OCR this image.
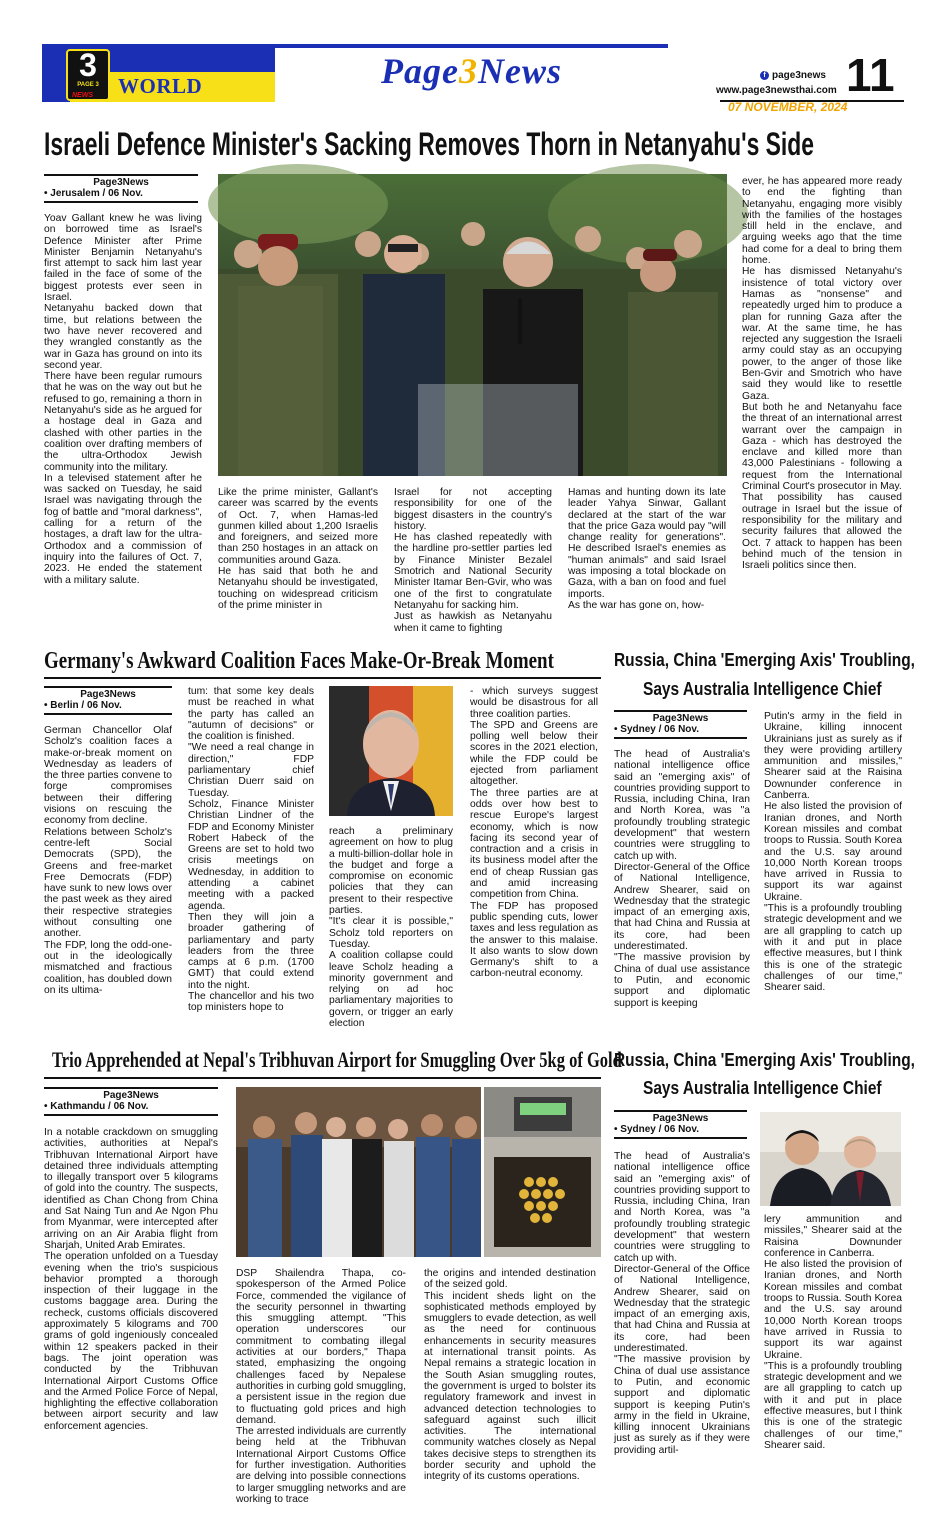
3
PAGE 3
NEWS WORLD	Page3News	f page3news
www.page3newsthai.com 11
07 NOVEMBER, 2024
Israeli Defence Minister's Sacking Removes Thorn in Netanyahu's Side
Page3News
• Jerusalem / 06 Nov.

Yoav Gallant knew he was living on borrowed time as Israel's Defence Minister after Prime Minister Benjamin Netanyahu's first attempt to sack him last year failed in the face of some of the biggest protests ever seen in Israel.

Netanyahu backed down that time, but relations between the two have never recovered and they wrangled constantly as the war in Gaza has ground on into its second year.

There have been regular rumours that he was on the way out but he refused to go, remaining a thorn in Netanyahu's side as he argued for a hostage deal in Gaza and clashed with other parties in the coalition over drafting members of the ultra-Orthodox Jewish community into the military.

In a televised statement after he was sacked on Tuesday, he said Israel was navigating through the fog of battle and "moral darkness", calling for a return of the hostages, a draft law for the ultra-Orthodox and a commission of inquiry into the failures of Oct. 7, 2023. He ended the statement with a military salute.

Like the prime minister, Gallant's career was scarred by the events of Oct. 7, when Hamas-led gunmen killed about 1,200 Israelis and foreigners, and seized more than 250 hostages in an attack on communities around Gaza.

He has said that both he and Netanyahu should be investigated, touching on widespread criticism of the prime minister in

Israel for not accepting responsibility for one of the biggest disasters in the country's history.

He has clashed repeatedly with the hardline pro-settler parties led by Finance Minister Bezalel Smotrich and National Security Minister Itamar Ben-Gvir, who was one of the first to congratulate Netanyahu for sacking him.

Just as hawkish as Netanyahu when it came to fighting

Hamas and hunting down its late leader Yahya Sinwar, Gallant declared at the start of the war that the price Gaza would pay "will change reality for generations". He described Israel's enemies as "human animals" and said Israel was imposing a total blockade on Gaza, with a ban on food and fuel imports.

As the war has gone on, how-

ever, he has appeared more ready to end the fighting than Netanyahu, engaging more visibly with the families of the hostages still held in the enclave, and arguing weeks ago that the time had come for a deal to bring them home.

He has dismissed Netanyahu's insistence of total victory over Hamas as "nonsense" and repeatedly urged him to produce a plan for running Gaza after the war. At the same time, he has rejected any suggestion the Israeli army could stay as an occupying power, to the anger of those like Ben-Gvir and Smotrich who have said they would like to resettle Gaza.

But both he and Netanyahu face the threat of an international arrest warrant over the campaign in Gaza - which has destroyed the enclave and killed more than 43,000 Palestinians - following a request from the International Criminal Court's prosecutor in May.

That possibility has caused outrage in Israel but the issue of responsibility for the military and security failures that allowed the Oct. 7 attack to happen has been behind much of the tension in Israeli politics since then.

Germany's Awkward Coalition Faces Make-Or-Break Moment
Page3News
• Berlin / 06 Nov.

German Chancellor Olaf Scholz's coalition faces a make-or-break moment on Wednesday as leaders of the three parties convene to forge compromises between their differing visions on rescuing the economy from decline.

Relations between Scholz's centre-left Social Democrats (SPD), the Greens and free-market Free Democrats (FDP) have sunk to new lows over the past week as they aired their respective strategies without consulting one another.

The FDP, long the odd-one-out in the ideologically mismatched and fractious coalition, has doubled down on its ultima-

tum: that some key deals must be reached in what the party has called an "autumn of decisions" or the coalition is finished.

"We need a real change in direction," FDP parliamentary chief Christian Duerr said on Tuesday.

Scholz, Finance Minister Christian Lindner of the FDP and Economy Minister Robert Habeck of the Greens are set to hold two crisis meetings on Wednesday, in addition to attending a cabinet meeting with a packed agenda.

Then they will join a broader gathering of parliamentary and party leaders from the three camps at 6 p.m. (1700 GMT) that could extend into the night.

The chancellor and his two top ministers hope to

reach a preliminary agreement on how to plug a multi-billion-dollar hole in the budget and forge a compromise on economic policies that they can present to their respective parties.

"It's clear it is possible," Scholz told reporters on Tuesday.

A coalition collapse could leave Scholz heading a minority government and relying on ad hoc parliamentary majorities to govern, or trigger an early election

- which surveys suggest would be disastrous for all three coalition parties.

The SPD and Greens are polling well below their scores in the 2021 election, while the FDP could be ejected from parliament altogether.

The three parties are at odds over how best to rescue Europe's largest economy, which is now facing its second year of contraction and a crisis in its business model after the end of cheap Russian gas and amid increasing competition from China.

The FDP has proposed public spending cuts, lower taxes and less regulation as the answer to this malaise. It also wants to slow down Germany's shift to a carbon-neutral economy.

Russia, China 'Emerging Axis' Troubling,
Says Australia Intelligence Chief
Page3News
• Sydney / 06 Nov.

The head of Australia's national intelligence office said an "emerging axis" of countries providing support to Russia, including China, Iran and North Korea, was "a profoundly troubling strategic development" that western countries were struggling to catch up with.

Director-General of the Office of National Intelligence, Andrew Shearer, said on Wednesday that the strategic impact of an emerging axis, that had China and Russia at its core, had been underestimated.

"The massive provision by China of dual use assistance to Putin, and economic support and diplomatic support is keeping

Putin's army in the field in Ukraine, killing innocent Ukrainians just as surely as if they were providing artillery ammunition and missiles," Shearer said at the Raisina Downunder conference in Canberra.

He also listed the provision of Iranian drones, and North Korean missiles and combat troops to Russia. South Korea and the U.S. say around 10,000 North Korean troops have arrived in Russia to support its war against Ukraine.

"This is a profoundly troubling strategic development and we are all grappling to catch up with it and put in place effective measures, but I think this is one of the strategic challenges of our time," Shearer said.

Trio Apprehended at Nepal's Tribhuvan Airport for Smuggling Over 5kg of Gold
Page3News
• Kathmandu / 06 Nov.

In a notable crackdown on smuggling activities, authorities at Nepal's Tribhuvan International Airport have detained three individuals attempting to illegally transport over 5 kilograms of gold into the country. The suspects, identified as Chan Chong from China and Sat Naing Tun and Ae Ngon Phu from Myanmar, were intercepted after arriving on an Air Arabia flight from Sharjah, United Arab Emirates.

The operation unfolded on a Tuesday evening when the trio's suspicious behavior prompted a thorough inspection of their luggage in the customs baggage area. During the recheck, customs officials discovered approximately 5 kilograms and 700 grams of gold ingeniously concealed within 12 speakers packed in their bags. The joint operation was conducted by the Tribhuvan International Airport Customs Office and the Armed Police Force of Nepal, highlighting the effective collaboration between airport security and law enforcement agencies.

DSP Shailendra Thapa, co-spokesperson of the Armed Police Force, commended the vigilance of the security personnel in thwarting this smuggling attempt. "This operation underscores our commitment to combating illegal activities at our borders," Thapa stated, emphasizing the ongoing challenges faced by Nepalese authorities in curbing gold smuggling, a persistent issue in the region due to fluctuating gold prices and high demand.

The arrested individuals are currently being held at the Tribhuvan International Airport Customs Office for further investigation. Authorities are delving into possible connections to larger smuggling networks and are working to trace

the origins and intended destination of the seized gold.

This incident sheds light on the sophisticated methods employed by smugglers to evade detection, as well as the need for continuous enhancements in security measures at international transit points. As Nepal remains a strategic location in the South Asian smuggling routes, the government is urged to bolster its regulatory framework and invest in advanced detection technologies to safeguard against such illicit activities. The international community watches closely as Nepal takes decisive steps to strengthen its border security and uphold the integrity of its customs operations.

Russia, China 'Emerging Axis' Troubling,
Says Australia Intelligence Chief
Page3News
• Sydney / 06 Nov.

The head of Australia's national intelligence office said an "emerging axis" of countries providing support to Russia, including China, Iran and North Korea, was "a profoundly troubling strategic development" that western countries were struggling to catch up with.

Director-General of the Office of National Intelligence, Andrew Shearer, said on Wednesday that the strategic impact of an emerging axis, that had China and Russia at its core, had been underestimated.

"The massive provision by China of dual use assistance to Putin, and economic support and diplomatic support is keeping Putin's army in the field in Ukraine, killing innocent Ukrainians just as surely as if they were providing artil-

lery ammunition and missiles," Shearer said at the Raisina Downunder conference in Canberra.

He also listed the provision of Iranian drones, and North Korean missiles and combat troops to Russia. South Korea and the U.S. say around 10,000 North Korean troops have arrived in Russia to support its war against Ukraine.

"This is a profoundly troubling strategic development and we are all grappling to catch up with it and put in place effective measures, but I think this is one of the strategic challenges of our time," Shearer said.
